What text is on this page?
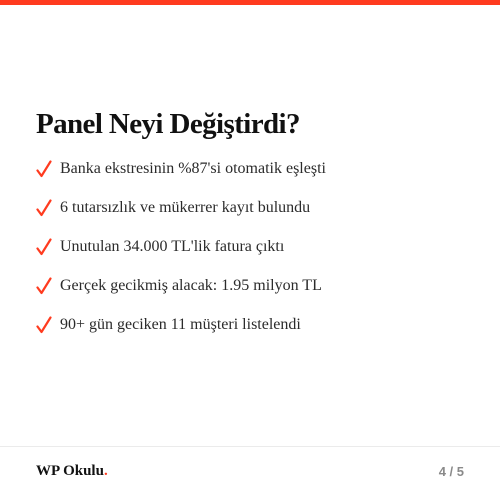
Panel Neyi Değiştirdi?
Banka ekstresinin %87'si otomatik eşleşti
6 tutarsızlık ve mükerrer kayıt bulundu
Unutulan 34.000 TL'lik fatura çıktı
Gerçek gecikmiş alacak: 1.95 milyon TL
90+ gün geciken 11 müşteri listelendi
WP Okulu.	4 / 5
